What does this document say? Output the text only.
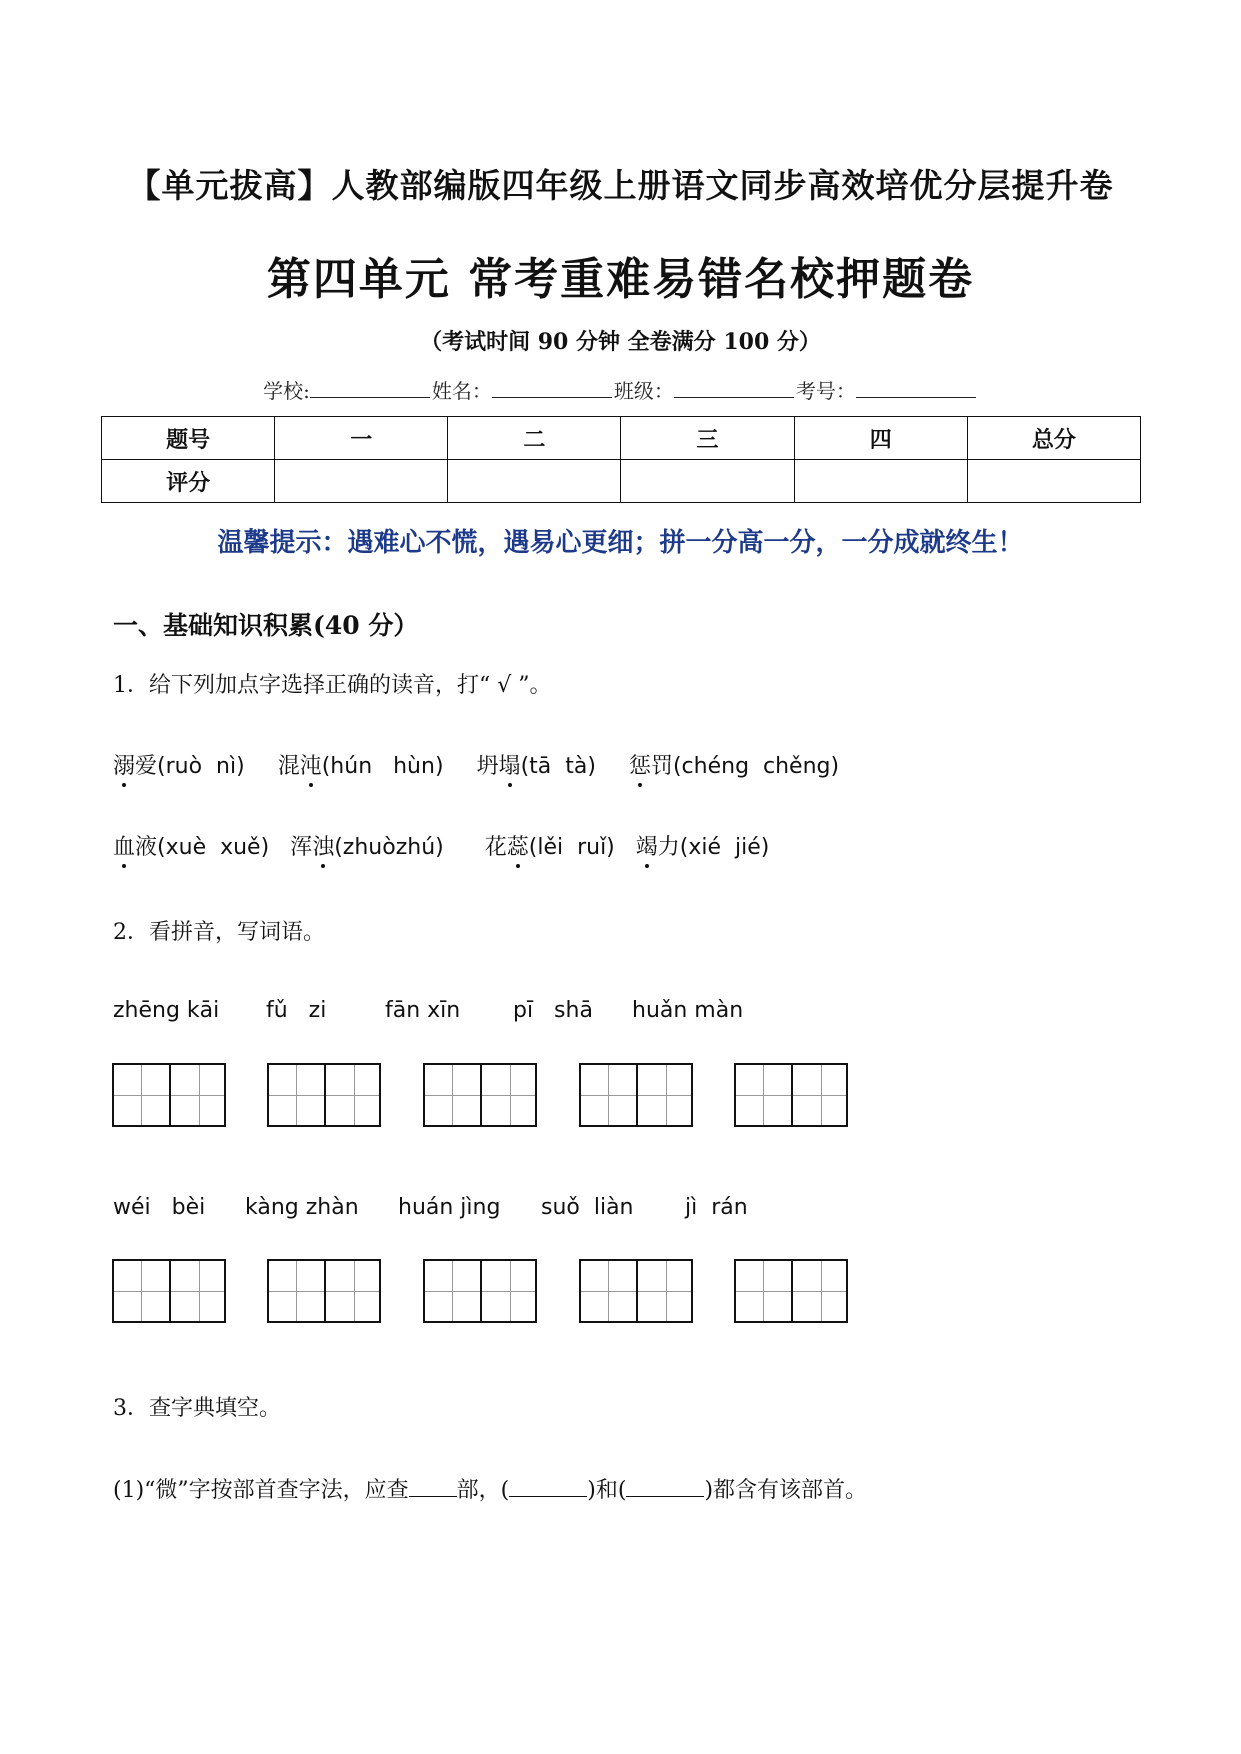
【单元拔高】人教部编版四年级上册语文同步高效培优分层提升卷
第四单元 常考重难易错名校押题卷
（考试时间 90 分钟 全卷满分 100 分）
学校:	姓名：	班级：	考号：
题号	一	二	三	四	总分
评分					
温馨提示：遇难心不慌，遇易心更细；拼一分高一分，一分成就终生！
一、基础知识积累(40 分）
1．给下列加点字选择正确的读音，打“ √ ”。
溺爱(ruò  nì) 混沌(hún   hùn) 坍塌(tā  tà) 惩罚(chéng  chěng)
血液(xuè  xuě) 浑浊(zhuòzhú) 花蕊(lěi  ruǐ) 竭力(xié  jié)
2．看拼音，写词语。
zhēng kāi fǔ   zi	fān xīn pī   shā huǎn màn
wéi   bèi kàng zhàn huán jìng suǒ  liàn jì  rán
3．查字典填空。
(1)“微”字按部首查字法，应查 部，(	)和(	)都含有该部首。
